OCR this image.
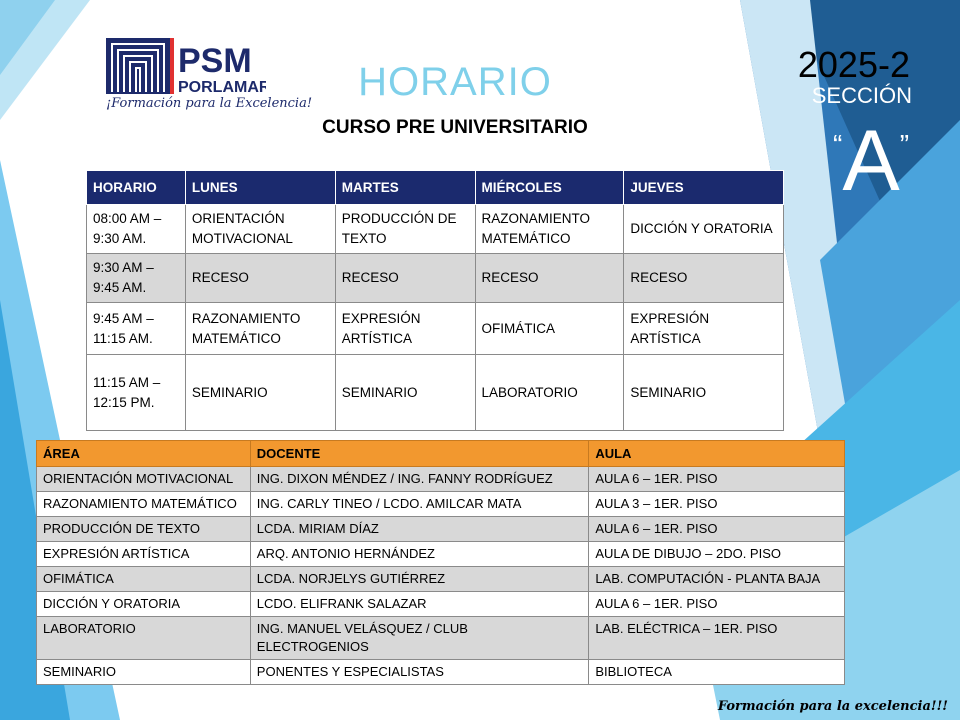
PSM
PORLAMAR
¡Formación para la Excelencia!	HORARIO
CURSO PRE UNIVERSITARIO
2025-2
SECCIÓN
“A”
HORARIO	LUNES	MARTES	MIÉRCOLES	JUEVES
08:00 AM – 9:30 AM.	ORIENTACIÓN MOTIVACIONAL	PRODUCCIÓN DE TEXTO	RAZONAMIENTO MATEMÁTICO	DICCIÓN Y ORATORIA
9:30 AM – 9:45 AM.	RECESO	RECESO	RECESO	RECESO
9:45 AM – 11:15 AM.	RAZONAMIENTO MATEMÁTICO	EXPRESIÓN ARTÍSTICA	OFIMÁTICA	EXPRESIÓN ARTÍSTICA
11:15 AM – 12:15 PM.	SEMINARIO	SEMINARIO	LABORATORIO	SEMINARIO
ÁREA	DOCENTE	AULA
ORIENTACIÓN MOTIVACIONAL	ING. DIXON MÉNDEZ / ING. FANNY RODRÍGUEZ	AULA 6 – 1ER. PISO
RAZONAMIENTO MATEMÁTICO	ING. CARLY TINEO / LCDO. AMILCAR MATA	AULA 3 – 1ER. PISO
PRODUCCIÓN DE TEXTO	LCDA. MIRIAM DÍAZ	AULA 6 – 1ER. PISO
EXPRESIÓN ARTÍSTICA	ARQ. ANTONIO HERNÁNDEZ	AULA DE DIBUJO – 2DO. PISO
OFIMÁTICA	LCDA. NORJELYS GUTIÉRREZ	LAB. COMPUTACIÓN - PLANTA BAJA
DICCIÓN Y ORATORIA	LCDO. ELIFRANK SALAZAR	AULA 6 – 1ER. PISO
LABORATORIO	ING. MANUEL VELÁSQUEZ / CLUB ELECTROGENIOS	LAB. ELÉCTRICA – 1ER. PISO
SEMINARIO	PONENTES Y ESPECIALISTAS	BIBLIOTECA
Formación para la excelencia!!!
